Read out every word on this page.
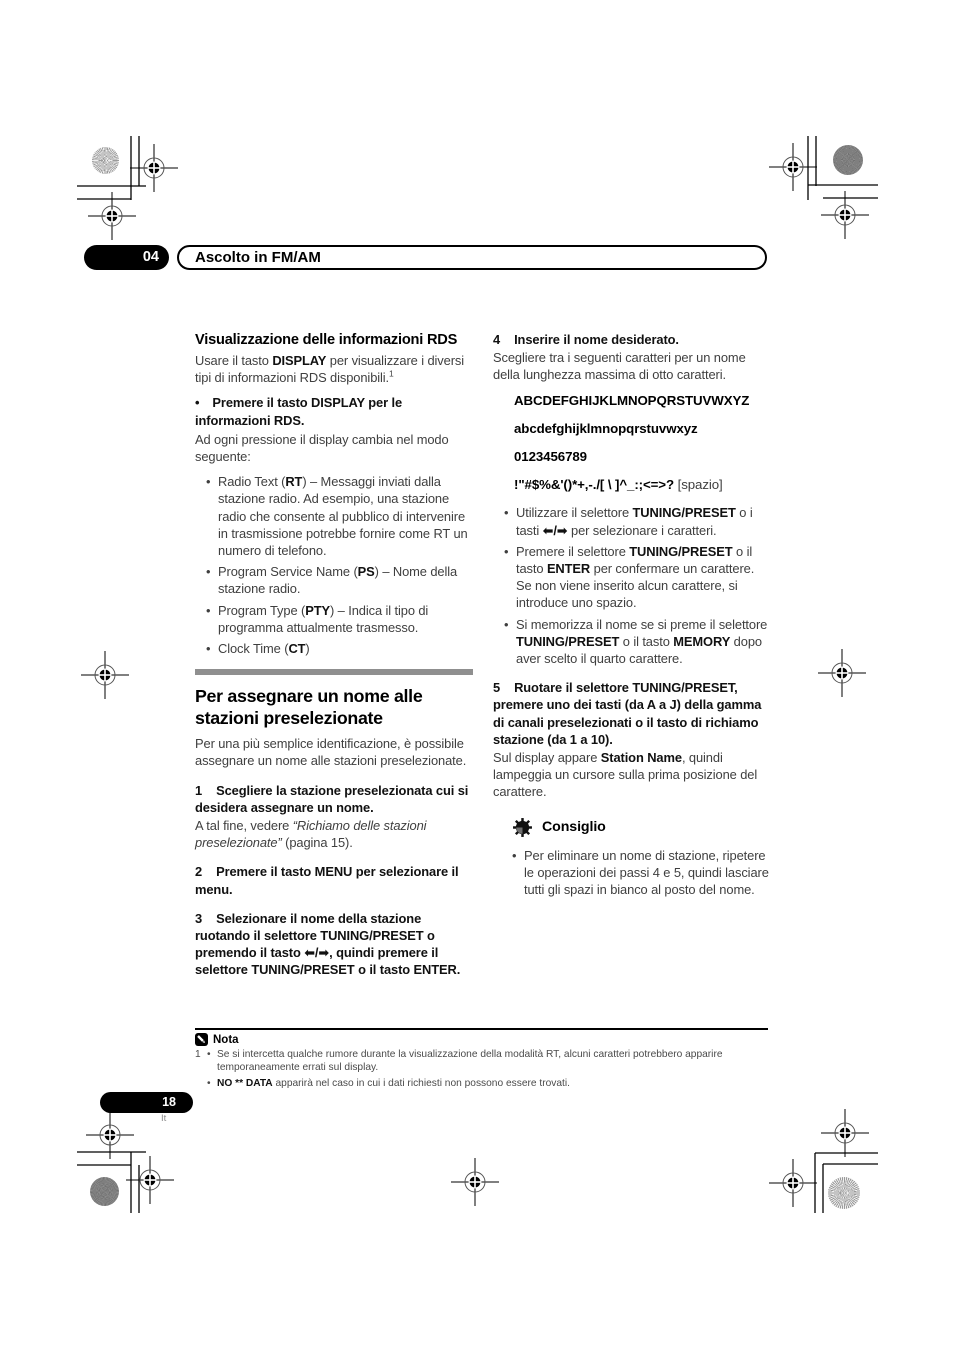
04	Ascolto in FM/AM
Visualizzazione delle informazioni RDS

Usare il tasto DISPLAY per visualizzare i diversi tipi di informazioni RDS disponibili.$^1$

• Premere il tasto DISPLAY per le informazioni RDS.

Ad ogni pressione il display cambia nel modo seguente:

• Radio Text (RT) – Messaggi inviati dalla stazione radio. Ad esempio, una stazione radio che consente al pubblico di intervenire in trasmissione potrebbe fornire come RT un numero di telefono.
• Program Service Name (PS) – Nome della stazione radio.
• Program Type (PTY) – Indica il tipo di programma attualmente trasmesso.
• Clock Time (CT)
Per assegnare un nome alle stazioni preselezionate

Per una più semplice identificazione, è possibile assegnare un nome alle stazioni preselezionate.

1 Scegliere la stazione preselezionata cui si desidera assegnare un nome.

A tal fine, vedere “Richiamo delle stazioni preselezionate” (pagina 15).

2 Premere il tasto MENU per selezionare il menu.

3 Selezionare il nome della stazione ruotando il selettore TUNING/PRESET o premendo il tasto ⬅/➡, quindi premere il selettore TUNING/PRESET o il tasto ENTER.

4 Inserire il nome desiderato.

Scegliere tra i seguenti caratteri per un nome della lunghezza massima di otto caratteri.

ABCDEFGHIJKLMNOPQRSTUVWXYZ

abcdefghijklmnopqrstuvwxyz

0123456789

!"#$%&'()*+,-./[ \ ]^_:;<=>? [spazio]

• Utilizzare il selettore TUNING/PRESET o i tasti ⬅/➡ per selezionare i caratteri.
• Premere il selettore TUNING/PRESET o il tasto ENTER per confermare un carattere. Se non viene inserito alcun carattere, si introduce uno spazio.
• Si memorizza il nome se si preme il selettore TUNING/PRESET o il tasto MEMORY dopo aver scelto il quarto carattere.

5 Ruotare il selettore TUNING/PRESET, premere uno dei tasti (da A a J) della gamma di canali preselezionati o il tasto di richiamo stazione (da 1 a 10).

Sul display appare Station Name, quindi lampeggia un cursore sulla prima posizione del carattere.

Consiglio
• Per eliminare un nome di stazione, ripetere le operazioni dei passi 4 e 5, quindi lasciare tutti gli spazi in bianco al posto del nome.
Nota
1 •	Se si intercetta qualche rumore durante la visualizzazione della modalità RT, alcuni caratteri potrebbero apparire temporaneamente errati sul display.
•
NO ** DATA apparirà nel caso in cui i dati richiesti non possono essere trovati.
18
It
